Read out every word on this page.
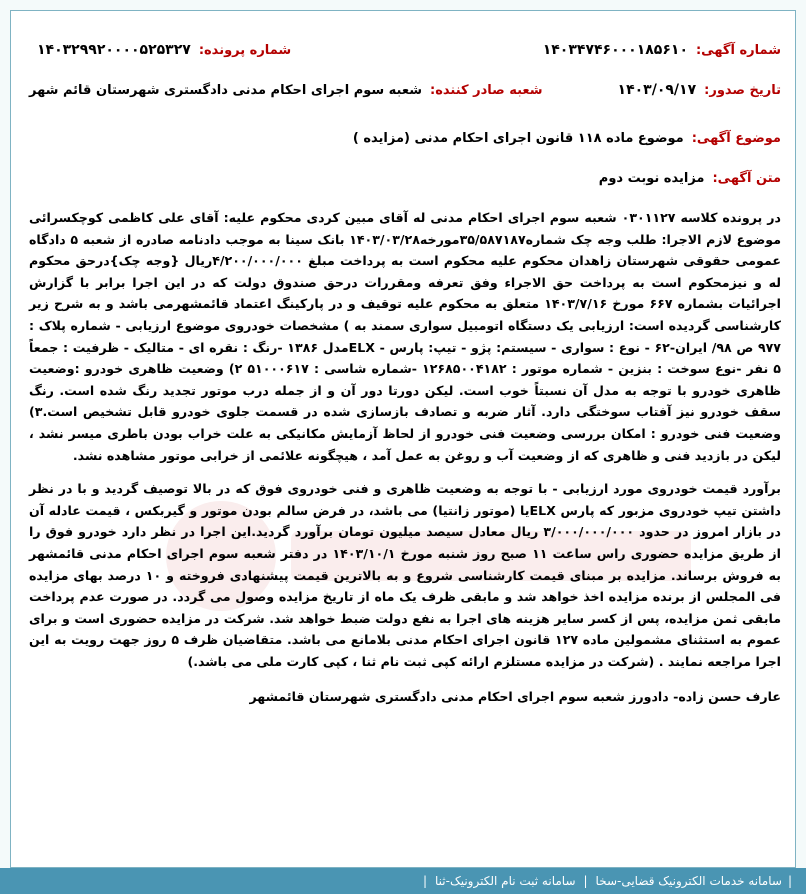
شماره آگهی:
۱۴۰۳۴۷۴۶۰۰۰۱۸۵۶۱۰
شماره پرونده:
۱۴۰۳۲۹۹۲۰۰۰۰۵۲۵۳۲۷
تاریخ صدور:
۱۴۰۳/۰۹/۱۷
شعبه صادر کننده:
شعبه سوم اجرای احکام مدنی دادگستری شهرستان قائم شهر
موضوع آگهی:
موضوع ماده ۱۱۸ قانون اجرای احکام مدنی (مزایده )
متن آگهی:
مزایده نوبت دوم

در پرونده کلاسه ۰۳۰۱۱۲۷ شعبه سوم اجرای احکام مدنی له آقای مبین کردی محکوم علیه: آقای علی کاظمی کوچکسرائی موضوع لازم الاجرا: طلب وجه چک شماره۳۵/۵۸۷۱۸۷مورخه۱۴۰۳/۰۳/۲۸ بانک سینا به موجب دادنامه صادره از شعبه ۵ دادگاه عمومی حقوقی شهرستان زاهدان محکوم علیه محکوم است به پرداخت مبلغ ۴/۲۰۰/۰۰۰/۰۰۰ریال {وجه چک}درحق محکوم له و نیزمحکوم است به پرداخت حق الاجراء وفق تعرفه ومقررات درحق صندوق دولت که در این اجرا برابر با گزارش اجرائیات بشماره ۶۶۷ مورخ ۱۴۰۳/۷/۱۶ متعلق به محکوم علیه توقیف و در پارکینگ اعتماد قائمشهرمی باشد و به شرح زیر کارشناسی گردیده است: ارزیابی یک دستگاه اتومبیل سواری سمند به ) مشخصات خودروی موضوع ارزیابی - شماره پلاک : ۹۷۷ ص ۹۸/ ایران-۶۲ - نوع : سواری - سیستم: پژو - تیپ: پارس - ELXمدل ۱۳۸۶ -رنگ : نقره ای - متالیک - ظرفیت : جمعاً ۵ نفر -نوع سوخت : بنزین - شماره موتور : ۱۲۶۸۵۰۰۴۱۸۲ -شماره شاسی : ۵۱۰۰۰۶۱۷ ۲) وضعیت ظاهری خودرو :وضعیت ظاهری خودرو با توجه به مدل آن نسبتاً خوب است. لیکن دورتا دور آن و از جمله درب موتور تجدید رنگ شده است. رنگ سقف خودرو نیز آفتاب سوختگی دارد. آثار ضربه و تصادف بازسازی شده در قسمت جلوی خودرو قابل تشخیص است.۳) وضعیت فنی خودرو : امکان بررسی وضعیت فنی خودرو از لحاظ آزمایش مکانیکی به علت خراب بودن باطری میسر نشد ، لیکن در بازدید فنی و ظاهری که از وضعیت آب و روغن به عمل آمد ، هیچگونه علائمی از خرابی موتور مشاهده نشد.

برآورد قیمت خودروی مورد ارزیابی - با توجه به وضعیت ظاهری و فنی خودروی فوق که در بالا توصیف گردید و با در نظر داشتن تیپ خودروی مزبور که پارس ELXیا (موتور زانتیا) می باشد، در فرض سالم بودن موتور و گیربکس ، قیمت عادله آن در بازار امروز در حدود ۳/۰۰۰/۰۰۰/۰۰۰ ریال معادل سیصد میلیون تومان برآورد گردید.این اجرا در نظر دارد خودرو فوق را از طریق مزایده حضوری راس ساعت ۱۱ صبح روز شنبه مورخ ۱۴۰۳/۱۰/۱ در دفتر شعبه سوم اجرای احکام مدنی قائمشهر به فروش برساند. مزایده بر مبنای قیمت کارشناسی شروع و به بالاترین قیمت پیشنهادی فروخته و ۱۰ درصد بهای مزایده فی المجلس از برنده مزایده اخذ خواهد شد و مابقی ظرف یک ماه از تاریخ مزایده وصول می گردد. در صورت عدم پرداخت مابقی ثمن مزایده، پس از کسر سایر هزینه های اجرا به نفع دولت ضبط خواهد شد. شرکت در مزایده حضوری است و برای عموم به استثنای مشمولین ماده ۱۲۷ قانون اجرای احکام مدنی بلامانع می باشد. متقاضیان ظرف ۵ روز جهت رویت به این اجرا مراجعه نمایند . (شرکت در مزایده مستلزم ارائه کپی ثبت نام ثنا ، کپی کارت ملی می باشد.)

عارف حسن زاده- دادورز شعبه سوم اجرای احکام مدنی دادگستری شهرستان قائمشهر

|
سامانه خدمات الکترونیک قضایی-سخا
|
سامانه ثبت نام الکترونیک-ثنا
|
